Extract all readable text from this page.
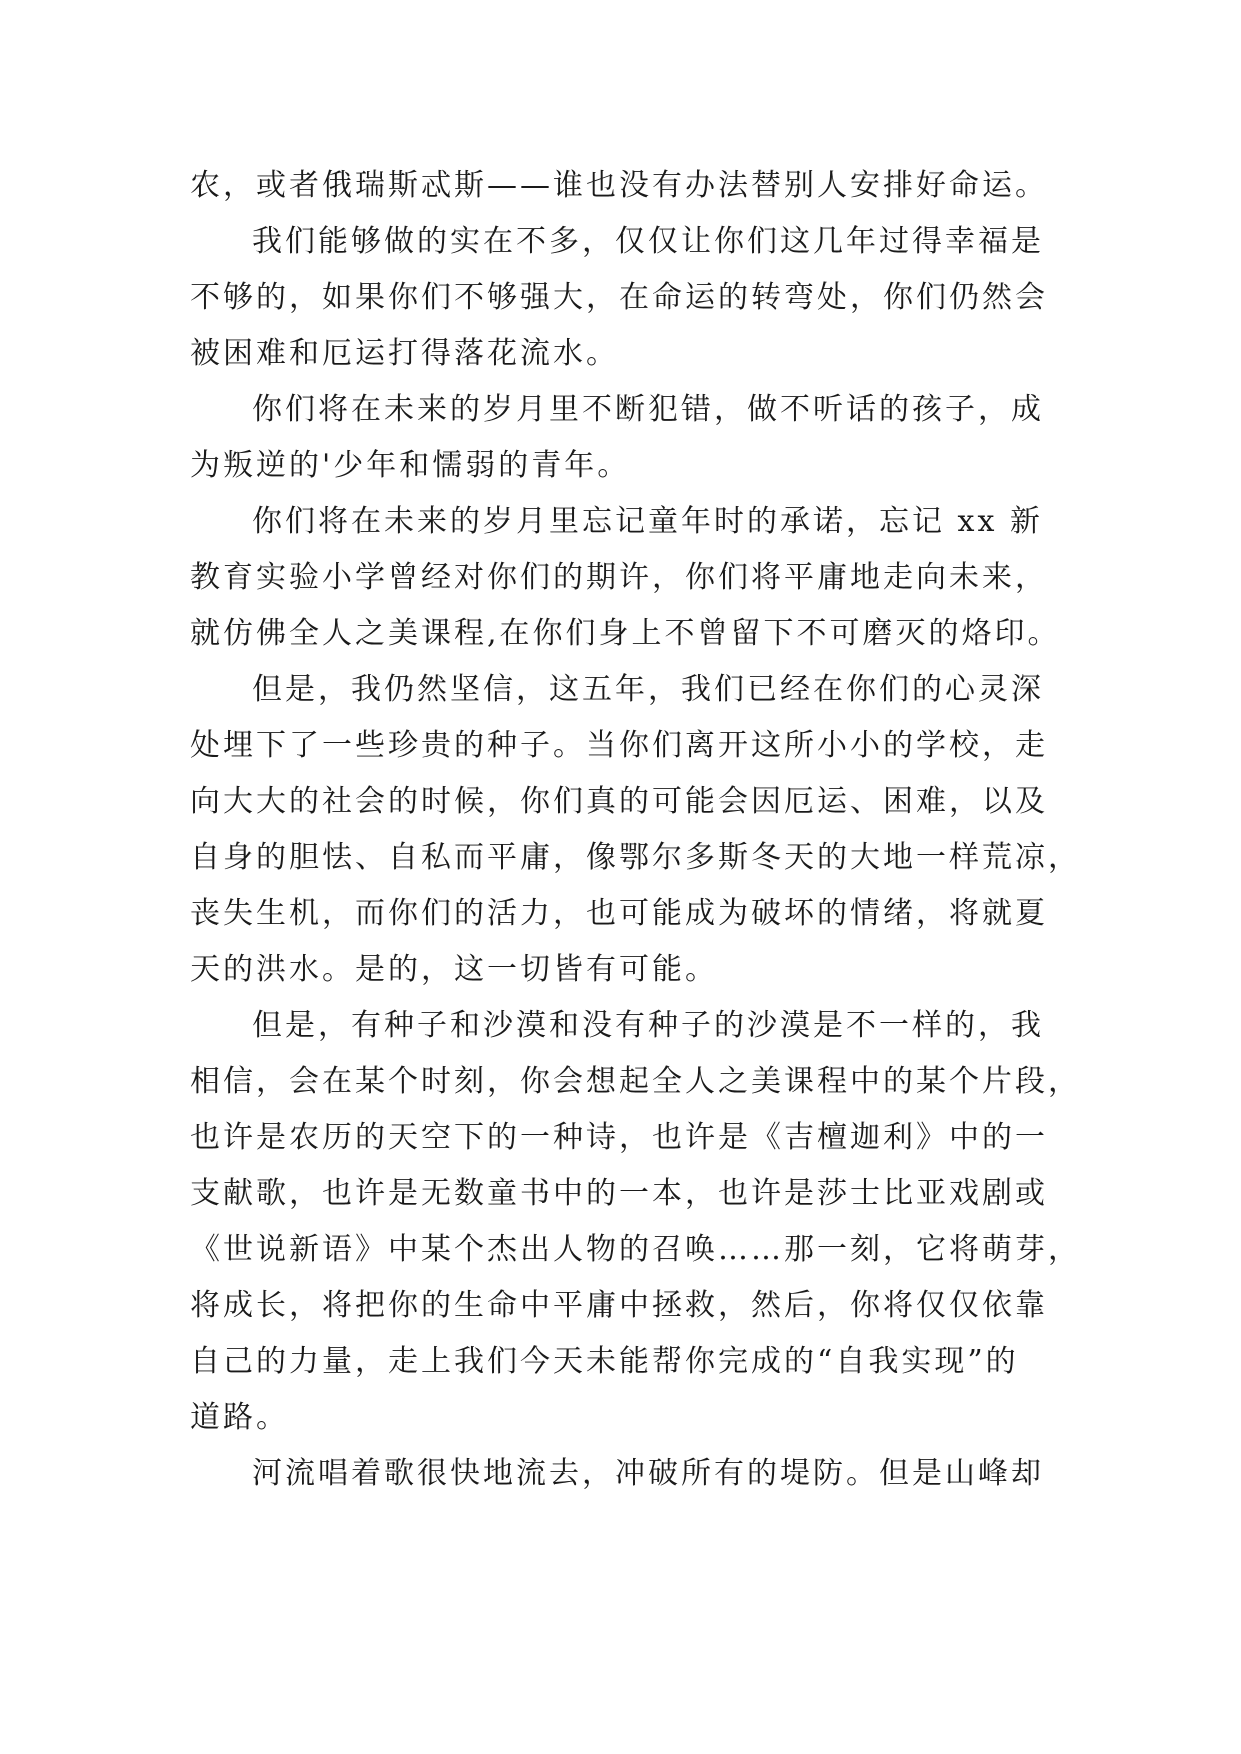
农，或者俄瑞斯忒斯——谁也没有办法替别人安排好命运。
我们能够做的实在不多，仅仅让你们这几年过得幸福是
不够的，如果你们不够强大，在命运的转弯处，你们仍然会
被困难和厄运打得落花流水。
你们将在未来的岁月里不断犯错，做不听话的孩子，成
为叛逆的'少年和懦弱的青年。
你们将在未来的岁月里忘记童年时的承诺，忘记 xx 新
教育实验小学曾经对你们的期许，你们将平庸地走向未来，
就仿佛全人之美课程,在你们身上不曾留下不可磨灭的烙印。
但是，我仍然坚信，这五年，我们已经在你们的心灵深
处埋下了一些珍贵的种子。当你们离开这所小小的学校，走
向大大的社会的时候，你们真的可能会因厄运、困难，以及
自身的胆怯、自私而平庸，像鄂尔多斯冬天的大地一样荒凉，
丧失生机，而你们的活力，也可能成为破坏的情绪，将就夏
天的洪水。是的，这一切皆有可能。
但是，有种子和沙漠和没有种子的沙漠是不一样的，我
相信，会在某个时刻，你会想起全人之美课程中的某个片段，
也许是农历的天空下的一种诗，也许是《吉檀迦利》中的一
支献歌，也许是无数童书中的一本，也许是莎士比亚戏剧或
《世说新语》中某个杰出人物的召唤……那一刻，它将萌芽，
将成长，将把你的生命中平庸中拯救，然后，你将仅仅依靠
自己的力量，走上我们今天未能帮你完成的“自我实现”的
道路。
河流唱着歌很快地流去，冲破所有的堤防。但是山峰却
